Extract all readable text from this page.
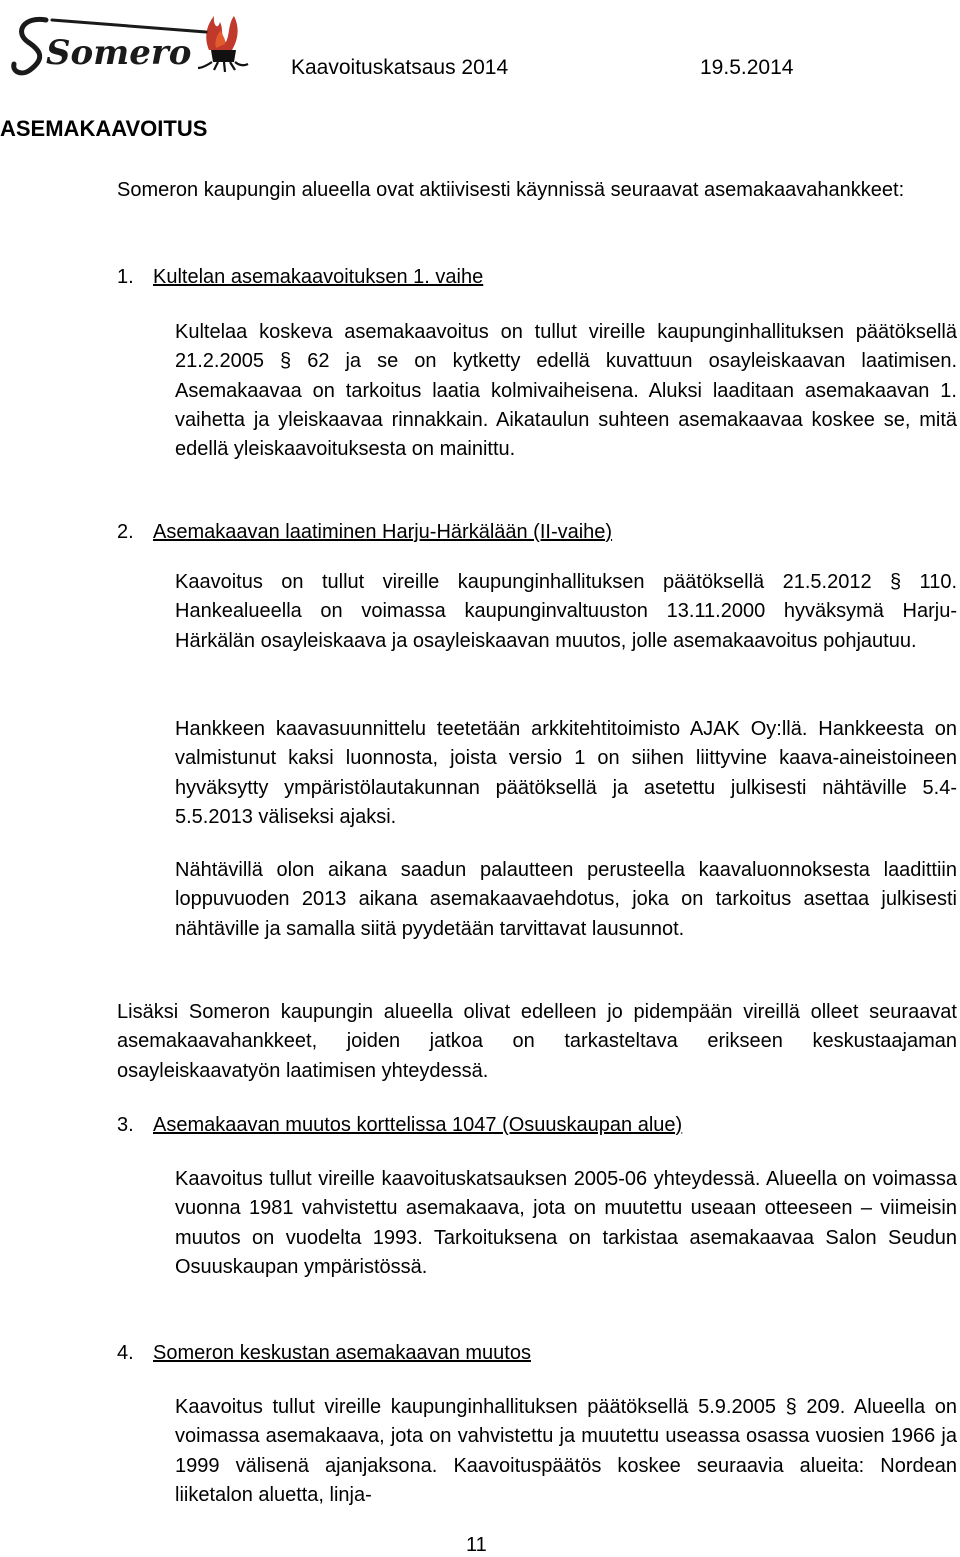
Somero	Kaavoituskatsaus 2014	19.5.2014
ASEMAKAAVOITUS

Someron kaupungin alueella ovat aktiivisesti käynnissä seuraavat asemakaavahankkeet:

1. Kultelan asemakaavoituksen 1. vaihe

Kultelaa koskeva asemakaavoitus on tullut vireille kaupunginhallituksen päätöksellä 21.2.2005 § 62 ja se on kytketty edellä kuvattuun osayleiskaavan laatimisen. Asemakaavaa on tarkoitus laatia kolmivaiheisena. Aluksi laaditaan asemakaavan 1. vaihetta ja yleiskaavaa rinnakkain. Aikataulun suhteen asemakaavaa koskee se, mitä edellä yleiskaavoituksesta on mainittu.

2. Asemakaavan laatiminen Harju-Härkälään (II-vaihe)

Kaavoitus on tullut vireille kaupunginhallituksen päätöksellä 21.5.2012 § 110. Hankealueella on voimassa kaupunginvaltuuston 13.11.2000 hyväksymä Harju-Härkälän osayleiskaava ja osayleiskaavan muutos, jolle asemakaavoitus pohjautuu.

Hankkeen kaavasuunnittelu teetetään arkkitehtitoimisto AJAK Oy:llä. Hankkeesta on valmistunut kaksi luonnosta, joista versio 1 on siihen liittyvine kaava-aineistoineen hyväksytty ympäristölautakunnan päätöksellä ja asetettu julkisesti nähtäville 5.4-5.5.2013 väliseksi ajaksi.

Nähtävillä olon aikana saadun palautteen perusteella kaavaluonnoksesta laadittiin loppuvuoden 2013 aikana asemakaavaehdotus, joka on tarkoitus asettaa julkisesti nähtäville ja samalla siitä pyydetään tarvittavat lausunnot.

Lisäksi Someron kaupungin alueella olivat edelleen jo pidempään vireillä olleet seuraavat asemakaavahankkeet, joiden jatkoa on tarkasteltava erikseen keskustaajaman osayleiskaavatyön laatimisen yhteydessä.

3. Asemakaavan muutos korttelissa 1047 (Osuuskaupan alue)

Kaavoitus tullut vireille kaavoituskatsauksen 2005-06 yhteydessä. Alueella on voimassa vuonna 1981 vahvistettu asemakaava, jota on muutettu useaan otteeseen – viimeisin muutos on vuodelta 1993. Tarkoituksena on tarkistaa asemakaavaa Salon Seudun Osuuskaupan ympäristössä.

4. Someron keskustan asemakaavan muutos

Kaavoitus tullut vireille kaupunginhallituksen päätöksellä 5.9.2005 § 209. Alueella on voimassa asemakaava, jota on vahvistettu ja muutettu useassa osassa vuosien 1966 ja 1999 välisenä ajanjaksona. Kaavoituspäätös koskee seuraavia alueita: Nordean liiketalon aluetta, linja-

11
